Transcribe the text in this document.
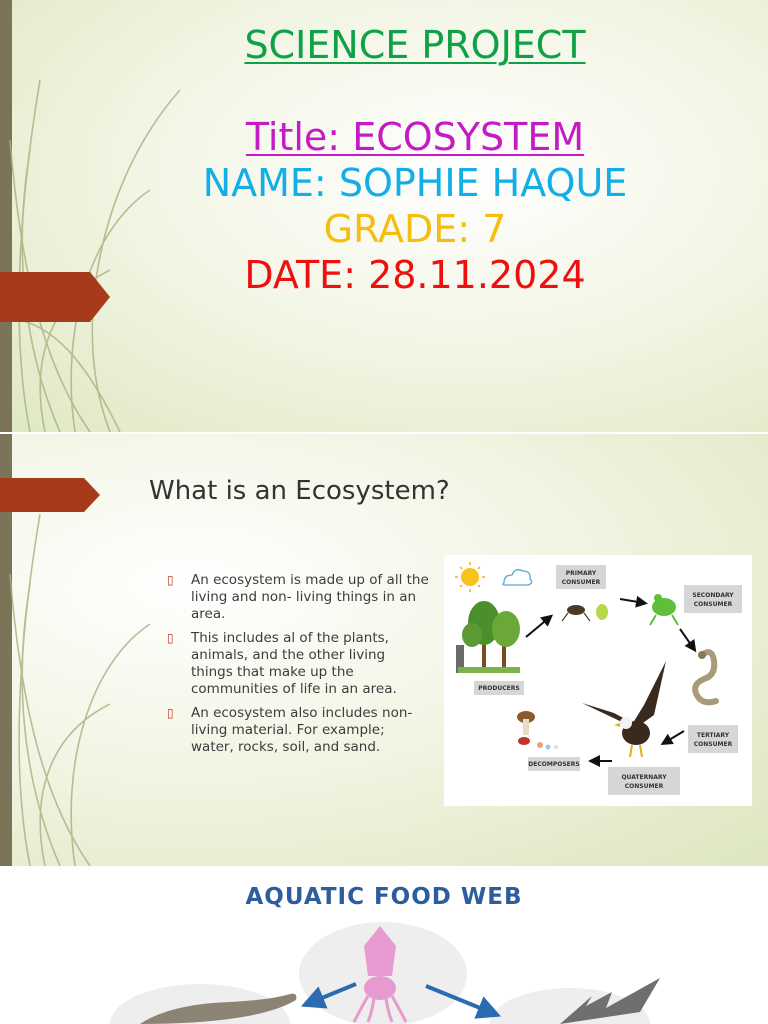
SCIENCE PROJECT
Title: ECOSYSTEM
NAME: SOPHIE HAQUE
GRADE: 7
DATE: 28.11.2024
What is an Ecosystem?
▯ An ecosystem is made up of all the living and non- living things in an area.
▯ This includes al of the plants, animals, and the other living things that make up the communities of life in an area.
▯ An ecosystem also includes non-living material. For example; water, rocks, soil, and sand.
PRODUCERS
PRIMARY
CONSUMER
SECONDARY
CONSUMER
TERTIARY
CONSUMER
QUATERNARY
CONSUMER
DECOMPOSERS
AQUATIC FOOD WEB
